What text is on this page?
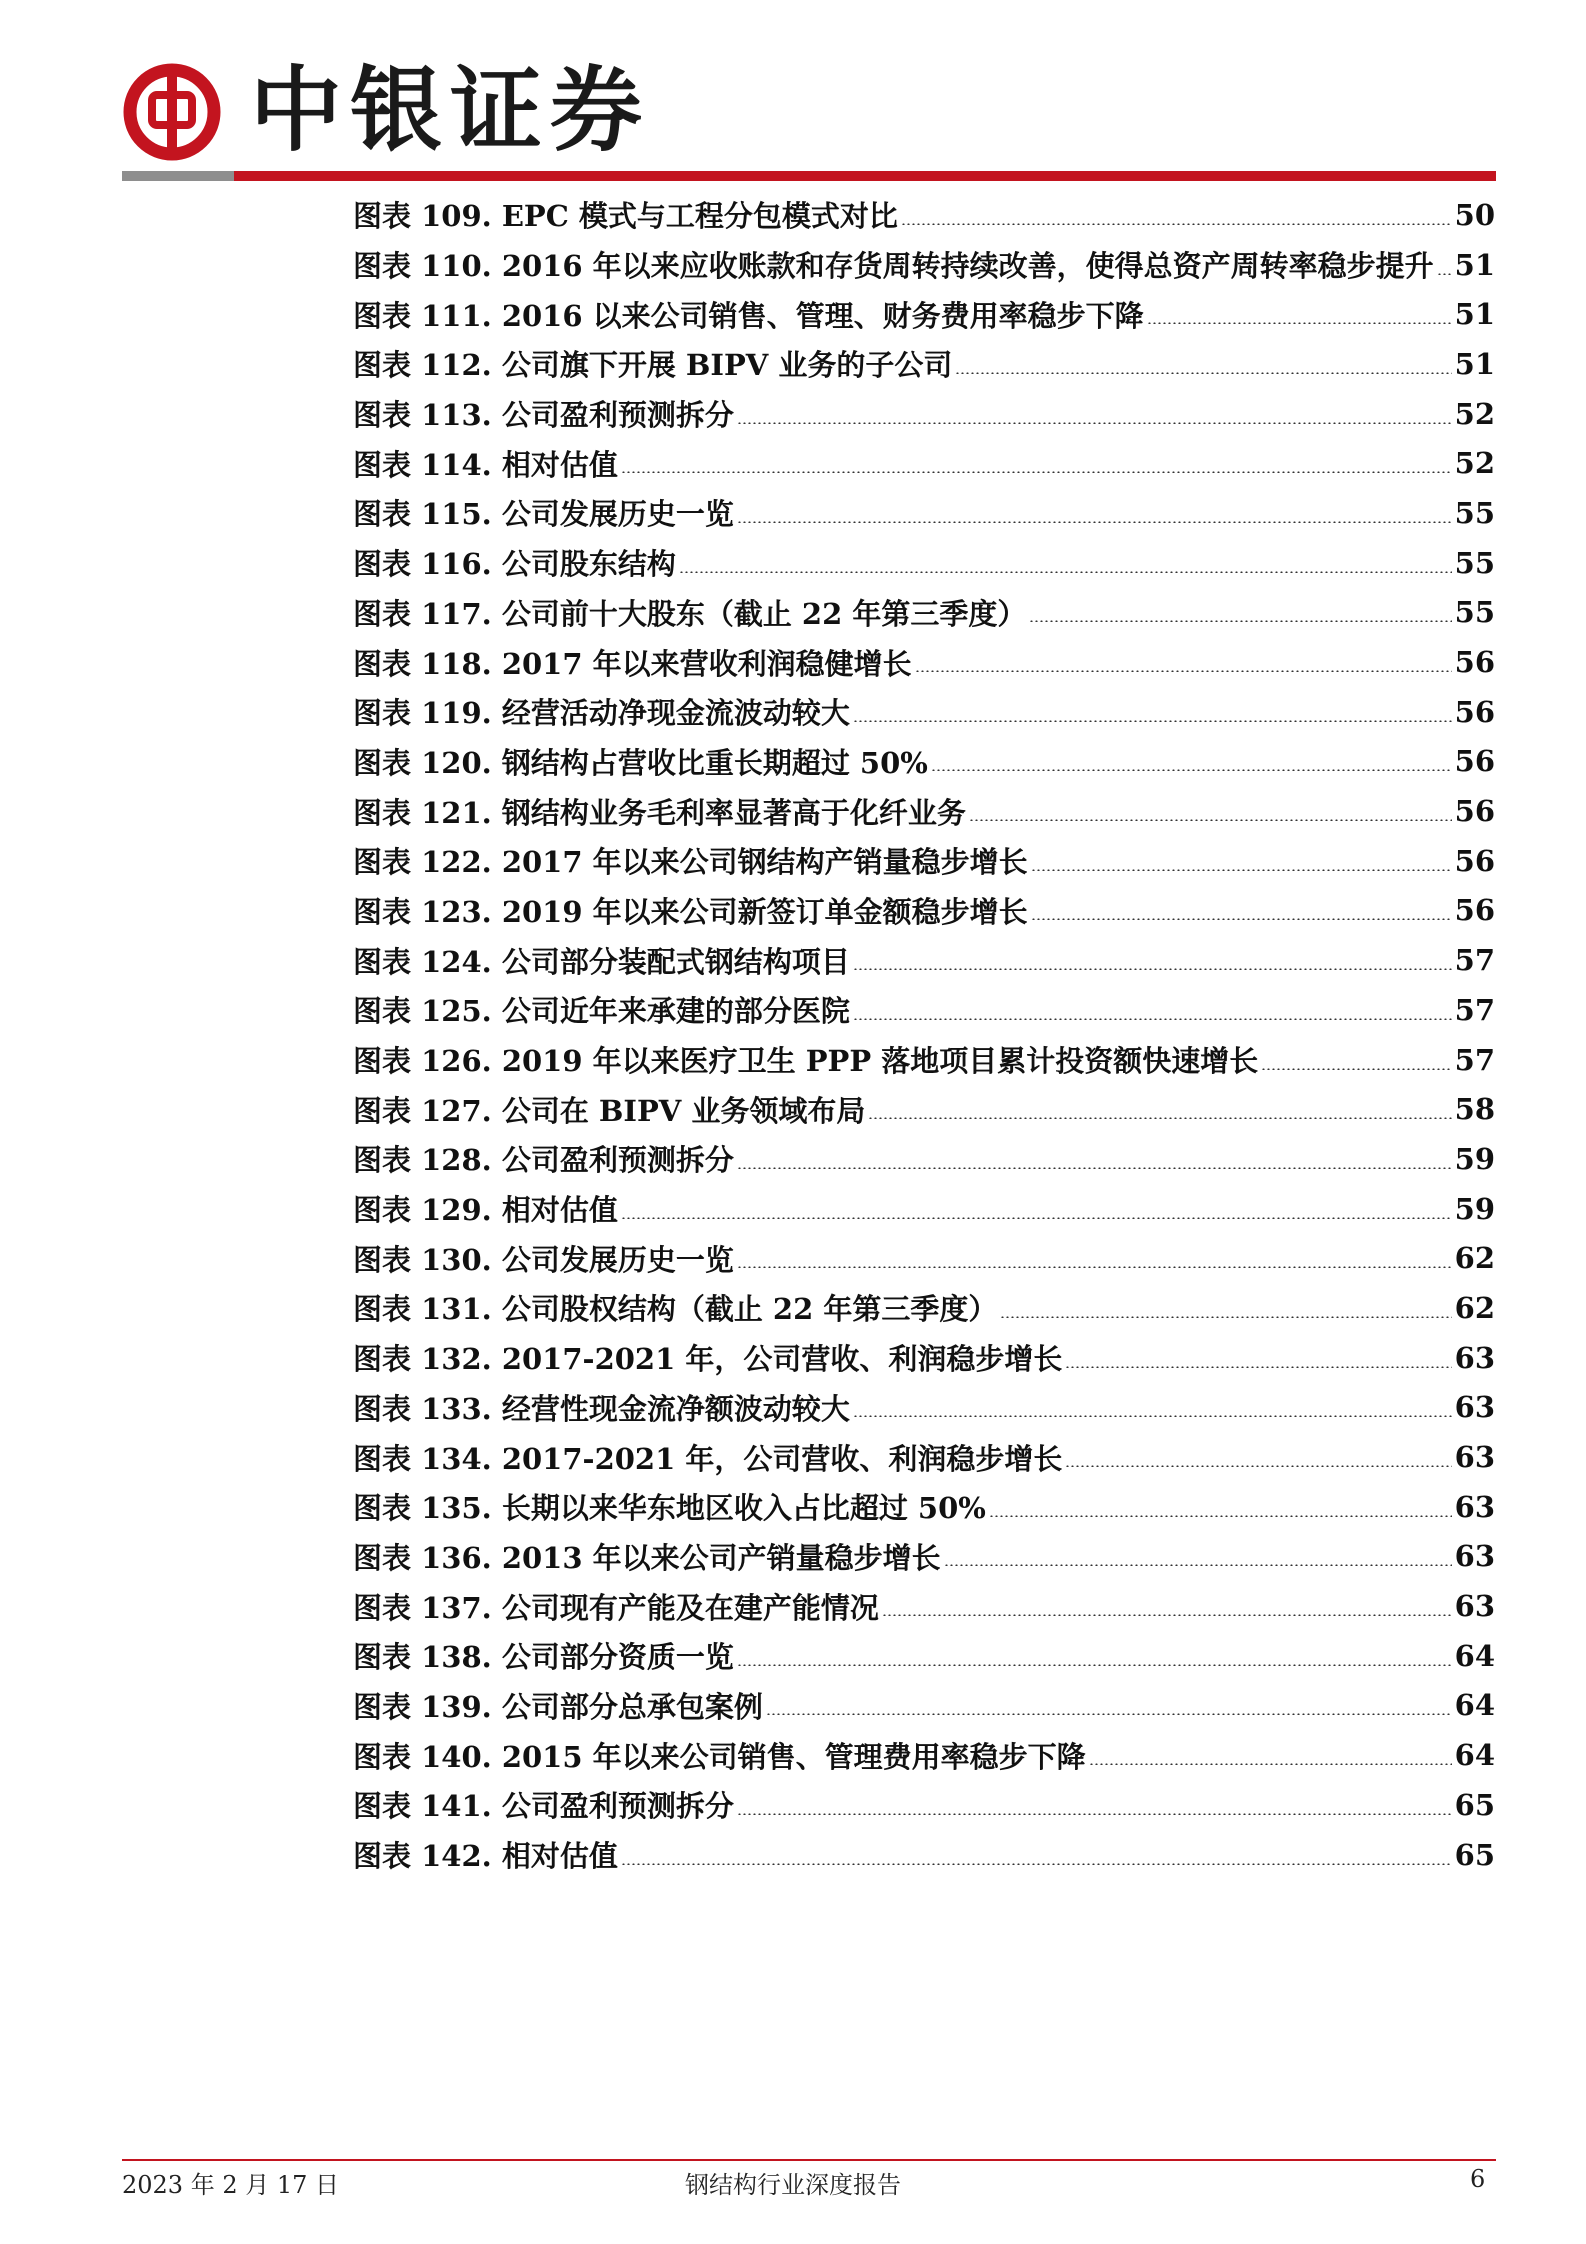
中银证券
图表 109. EPC 模式与工程分包模式对比	50
图表 110. 2016 年以来应收账款和存货周转持续改善，使得总资产周转率稳步提升 51
图表 111. 2016 以来公司销售、管理、财务费用率稳步下降	51
图表 112. 公司旗下开展 BIPV 业务的子公司	51
图表 113. 公司盈利预测拆分	52
图表 114. 相对估值	52
图表 115. 公司发展历史一览	55
图表 116. 公司股东结构	55
图表 117. 公司前十大股东（截止 22 年第三季度）	55
图表 118. 2017 年以来营收利润稳健增长	56
图表 119. 经营活动净现金流波动较大	56
图表 120. 钢结构占营收比重长期超过 50%	56
图表 121. 钢结构业务毛利率显著高于化纤业务	56
图表 122. 2017 年以来公司钢结构产销量稳步增长	56
图表 123. 2019 年以来公司新签订单金额稳步增长	56
图表 124. 公司部分装配式钢结构项目	57
图表 125. 公司近年来承建的部分医院	57
图表 126. 2019 年以来医疗卫生 PPP 落地项目累计投资额快速增长	57
图表 127. 公司在 BIPV 业务领域布局	58
图表 128. 公司盈利预测拆分	59
图表 129. 相对估值	59
图表 130. 公司发展历史一览	62
图表 131. 公司股权结构（截止 22 年第三季度）	62
图表 132. 2017-2021 年，公司营收、利润稳步增长	63
图表 133. 经营性现金流净额波动较大	63
图表 134. 2017-2021 年，公司营收、利润稳步增长	63
图表 135. 长期以来华东地区收入占比超过 50%	63
图表 136. 2013 年以来公司产销量稳步增长	63
图表 137. 公司现有产能及在建产能情况	63
图表 138. 公司部分资质一览	64
图表 139. 公司部分总承包案例	64
图表 140. 2015 年以来公司销售、管理费用率稳步下降	64
图表 141. 公司盈利预测拆分	65
图表 142. 相对估值	65
2023 年 2 月 17 日	钢结构行业深度报告	6
